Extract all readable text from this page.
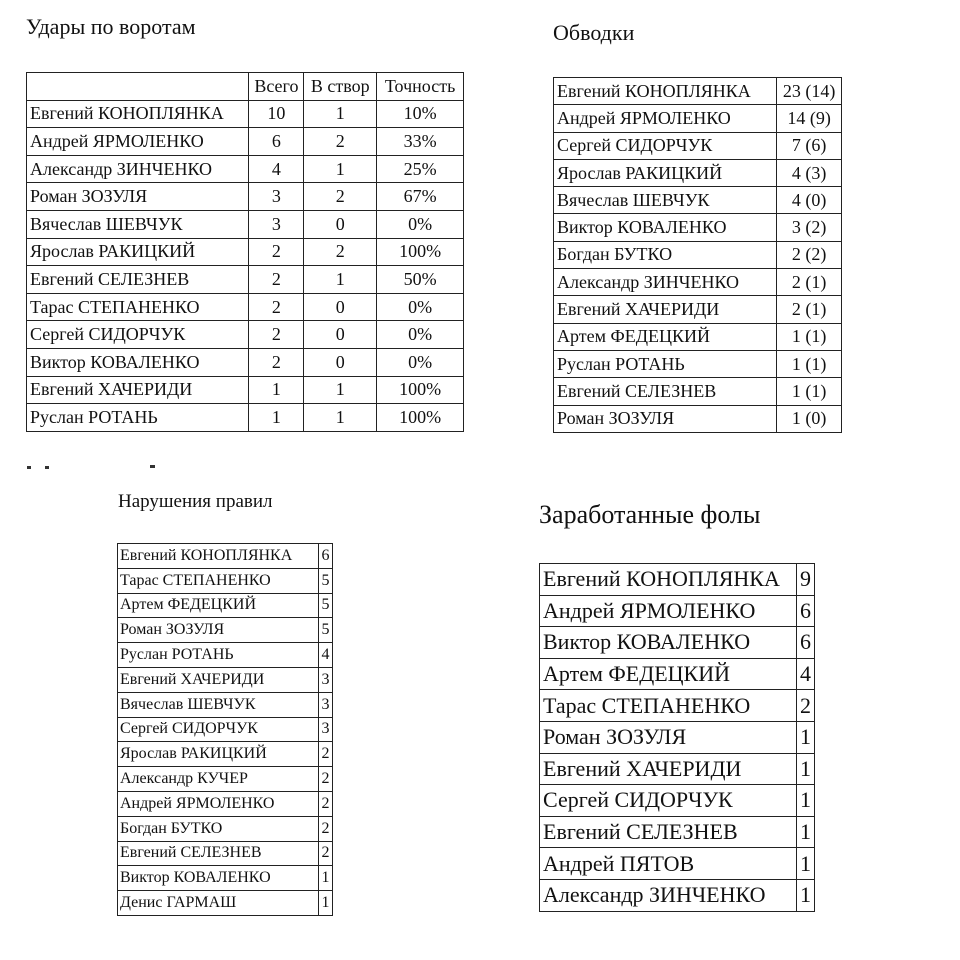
Удары по воротам
	Всего	В створ	Точность
Евгений КОНОПЛЯНКА	10	1	10%
Андрей ЯРМОЛЕНКО	6	2	33%
Александр ЗИНЧЕНКО	4	1	25%
Роман ЗОЗУЛЯ	3	2	67%
Вячеслав ШЕВЧУК	3	0	0%
Ярослав РАКИЦКИЙ	2	2	100%
Евгений СЕЛЕЗНЕВ	2	1	50%
Тарас СТЕПАНЕНКО	2	0	0%
Сергей СИДОРЧУК	2	0	0%
Виктор КОВАЛЕНКО	2	0	0%
Евгений ХАЧЕРИДИ	1	1	100%
Руслан РОТАНЬ	1	1	100%
Обводки
Евгений КОНОПЛЯНКА	23 (14)
Андрей ЯРМОЛЕНКО	14 (9)
Сергей СИДОРЧУК	7 (6)
Ярослав РАКИЦКИЙ	4 (3)
Вячеслав ШЕВЧУК	4 (0)
Виктор КОВАЛЕНКО	3 (2)
Богдан БУТКО	2 (2)
Александр ЗИНЧЕНКО	2 (1)
Евгений ХАЧЕРИДИ	2 (1)
Артем ФЕДЕЦКИЙ	1 (1)
Руслан РОТАНЬ	1 (1)
Евгений СЕЛЕЗНЕВ	1 (1)
Роман ЗОЗУЛЯ	1 (0)
Нарушения правил
Евгений КОНОПЛЯНКА	6
Тарас СТЕПАНЕНКО	5
Артем ФЕДЕЦКИЙ	5
Роман ЗОЗУЛЯ	5
Руслан РОТАНЬ	4
Евгений ХАЧЕРИДИ	3
Вячеслав ШЕВЧУК	3
Сергей СИДОРЧУК	3
Ярослав РАКИЦКИЙ	2
Александр КУЧЕР	2
Андрей ЯРМОЛЕНКО	2
Богдан БУТКО	2
Евгений СЕЛЕЗНЕВ	2
Виктор КОВАЛЕНКО	1
Денис ГАРМАШ	1
Заработанные фолы
Евгений КОНОПЛЯНКА	9
Андрей ЯРМОЛЕНКО	6
Виктор КОВАЛЕНКО	6
Артем ФЕДЕЦКИЙ	4
Тарас СТЕПАНЕНКО	2
Роман ЗОЗУЛЯ	1
Евгений ХАЧЕРИДИ	1
Сергей СИДОРЧУК	1
Евгений СЕЛЕЗНЕВ	1
Андрей ПЯТОВ	1
Александр ЗИНЧЕНКО	1
